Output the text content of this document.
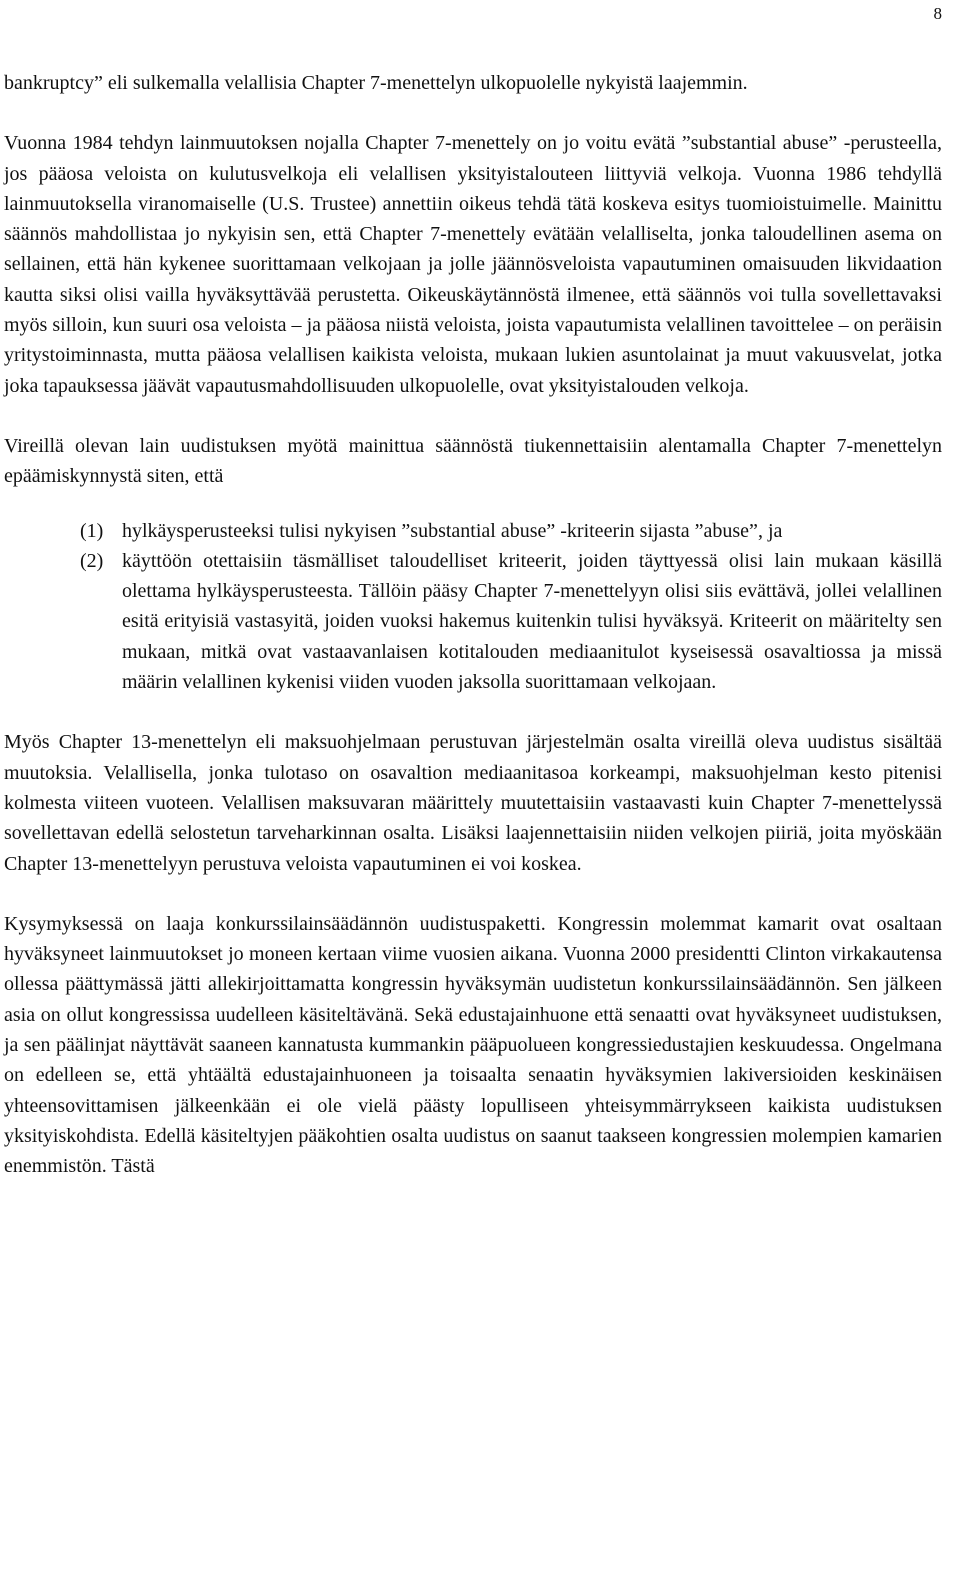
8

bankruptcy” eli sulkemalla velallisia Chapter 7-menettelyn ulkopuolelle nykyistä laajemmin.

Vuonna 1984 tehdyn lainmuutoksen nojalla Chapter 7-menettely on jo voitu evätä ”substantial abuse” -perusteella, jos pääosa veloista on kulutusvelkoja eli velallisen yksityistalouteen liittyviä velkoja. Vuonna 1986 tehdyllä lainmuutoksella viranomaiselle (U.S. Trustee) annettiin oikeus tehdä tätä koskeva esitys tuomioistuimelle. Mainittu säännös mahdollistaa jo nykyisin sen, että Chapter 7-menettely evätään velalliselta, jonka taloudellinen asema on sellainen, että hän kykenee suorittamaan velkojaan ja jolle jäännösveloista vapautuminen omaisuuden likvidaation kautta siksi olisi vailla hyväksyttävää perustetta. Oikeuskäytännöstä ilmenee, että säännös voi tulla sovellettavaksi myös silloin, kun suuri osa veloista – ja pääosa niistä veloista, joista vapautumista velallinen tavoittelee – on peräisin yritystoiminnasta, mutta pääosa velallisen kaikista veloista, mukaan lukien asuntolainat ja muut vakuusvelat, jotka joka tapauksessa jäävät vapautusmahdollisuuden ulkopuolelle, ovat yksityistalouden velkoja.

Vireillä olevan lain uudistuksen myötä mainittua säännöstä tiukennettaisiin alentamalla Chapter 7-menettelyn epäämiskynnystä siten, että

(1) hylkäysperusteeksi tulisi nykyisen ”substantial abuse” -kriteerin sijasta ”abuse”, ja
(2) käyttöön otettaisiin täsmälliset taloudelliset kriteerit, joiden täyttyessä olisi lain mukaan käsillä olettama hylkäysperusteesta. Tällöin pääsy Chapter 7-menettelyyn olisi siis evättävä, jollei velallinen esitä erityisiä vastasyitä, joiden vuoksi hakemus kuitenkin tulisi hyväksyä. Kriteerit on määritelty sen mukaan, mitkä ovat vastaavanlaisen kotitalouden mediaanitulot kyseisessä osavaltiossa ja missä määrin velallinen kykenisi viiden vuoden jaksolla suorittamaan velkojaan.

Myös Chapter 13-menettelyn eli maksuohjelmaan perustuvan järjestelmän osalta vireillä oleva uudistus sisältää muutoksia. Velallisella, jonka tulotaso on osavaltion mediaanitasoa korkeampi, maksuohjelman kesto pitenisi kolmesta viiteen vuoteen. Velallisen maksuvaran määrittely muutettaisiin vastaavasti kuin Chapter 7-menettelyssä sovellettavan edellä selostetun tarveharkinnan osalta. Lisäksi laajennettaisiin niiden velkojen piiriä, joita myöskään Chapter 13-menettelyyn perustuva veloista vapautuminen ei voi koskea.

Kysymyksessä on laaja konkurssilainsäädännön uudistuspaketti. Kongressin molemmat kamarit ovat osaltaan hyväksyneet lainmuutokset jo moneen kertaan viime vuosien aikana. Vuonna 2000 presidentti Clinton virkakautensa ollessa päättymässä jätti allekirjoittamatta kongressin hyväksymän uudistetun konkurssilainsäädännön. Sen jälkeen asia on ollut kongressissa uudelleen käsiteltävänä. Sekä edustajainhuone että senaatti ovat hyväksyneet uudistuksen, ja sen päälinjat näyttävät saaneen kannatusta kummankin pääpuolueen kongressiedustajien keskuudessa. Ongelmana on edelleen se, että yhtäältä edustajainhuoneen ja toisaalta senaatin hyväksymien lakiversioiden keskinäisen yhteensovittamisen jälkeenkään ei ole vielä päästy lopulliseen yhteisymmärrykseen kaikista uudistuksen yksityiskohdista. Edellä käsiteltyjen pääkohtien osalta uudistus on saanut taakseen kongressien molempien kamarien enemmistön. Tästä
